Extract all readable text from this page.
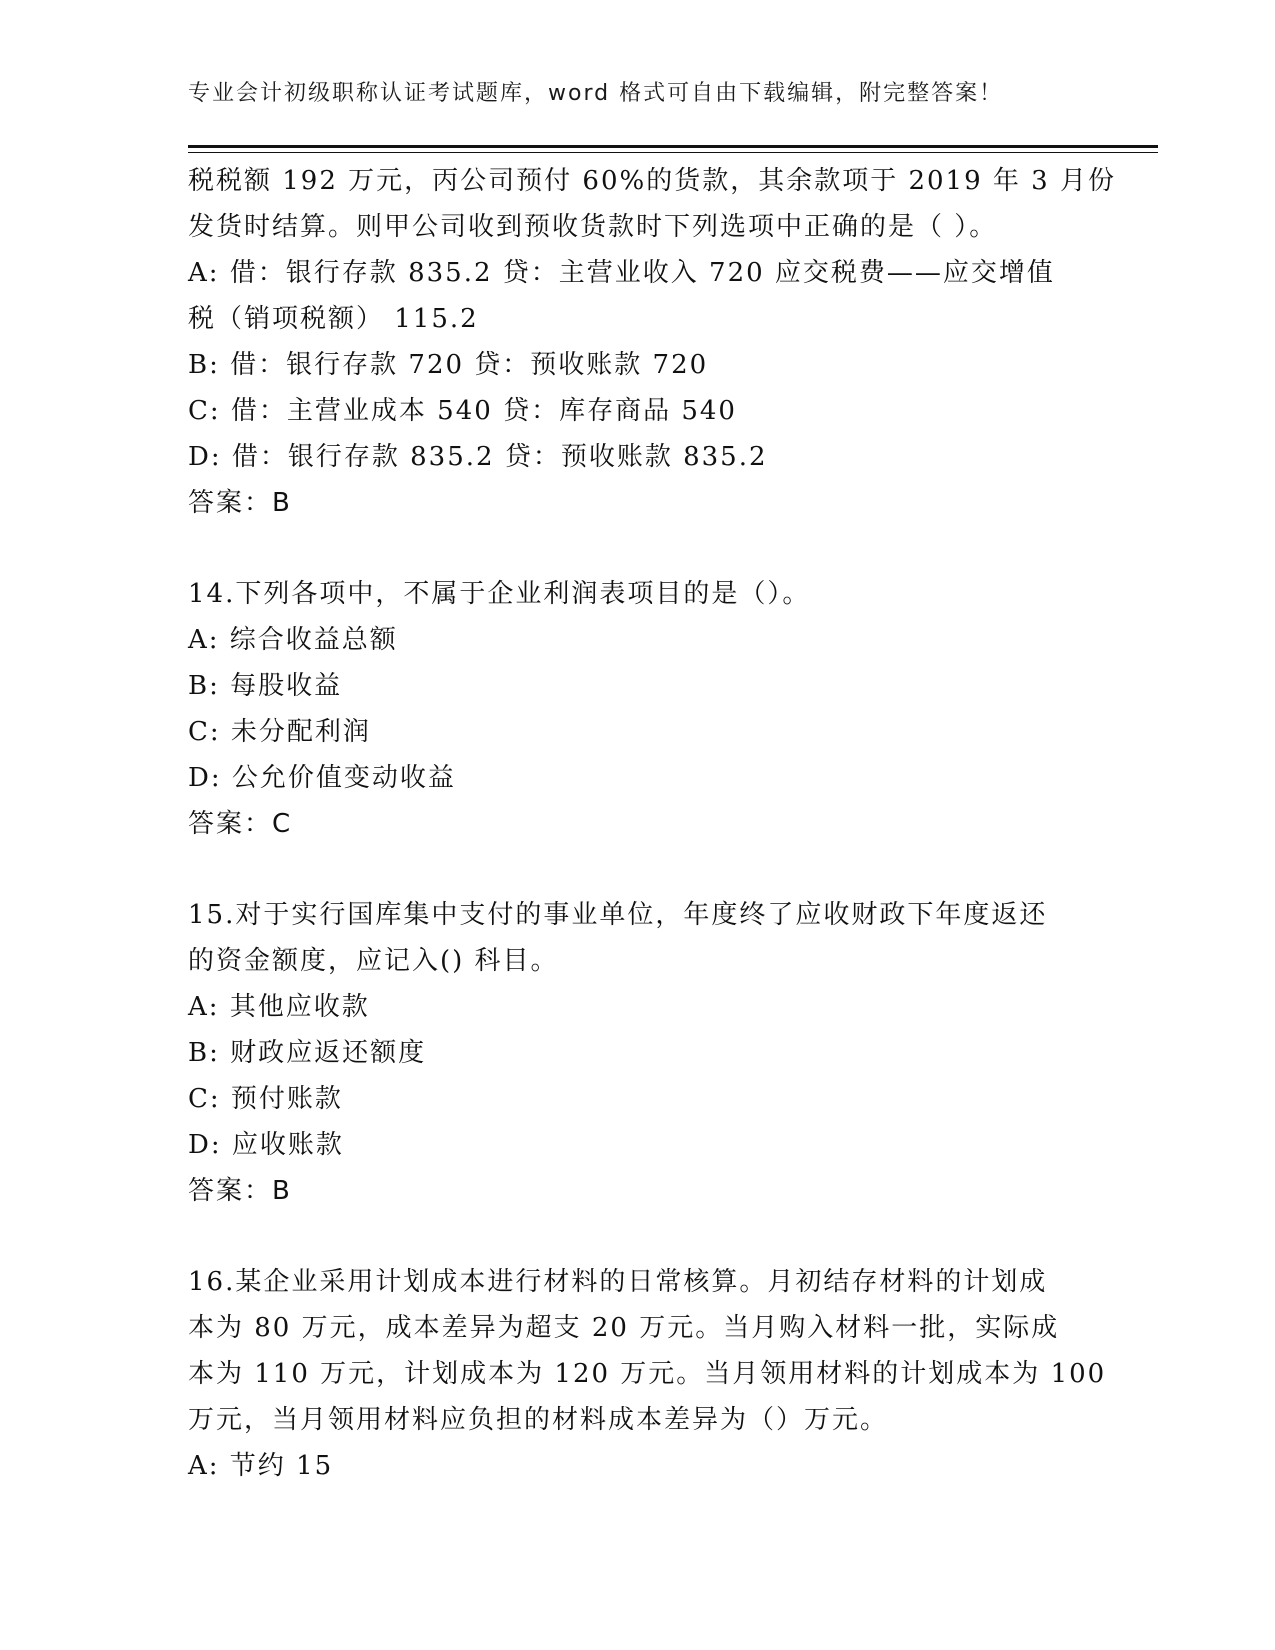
专业会计初级职称认证考试题库，word 格式可自由下载编辑，附完整答案！
税税额 192 万元，丙公司预付 60%的货款，其余款项于 2019 年 3 月份
发货时结算。则甲公司收到预收货款时下列选项中正确的是（ ）。
A: 借：银行存款 835.2 贷：主营业收入 720 应交税费——应交增值
税（销项税额） 115.2
B: 借：银行存款 720 贷：预收账款 720
C: 借：主营业成本 540 贷：库存商品 540
D: 借：银行存款 835.2 贷：预收账款 835.2
答案：B
14.下列各项中，不属于企业利润表项目的是（）。
A: 综合收益总额
B: 每股收益
C: 未分配利润
D: 公允价值变动收益
答案：C
15.对于实行国库集中支付的事业单位，年度终了应收财政下年度返还
的资金额度，应记入() 科目。
A: 其他应收款
B: 财政应返还额度
C: 预付账款
D: 应收账款
答案：B
16.某企业采用计划成本进行材料的日常核算。月初结存材料的计划成
本为 80 万元，成本差异为超支 20 万元。当月购入材料一批，实际成
本为 110 万元，计划成本为 120 万元。当月领用材料的计划成本为 100
万元，当月领用材料应负担的材料成本差异为（）万元。
A: 节约 15
